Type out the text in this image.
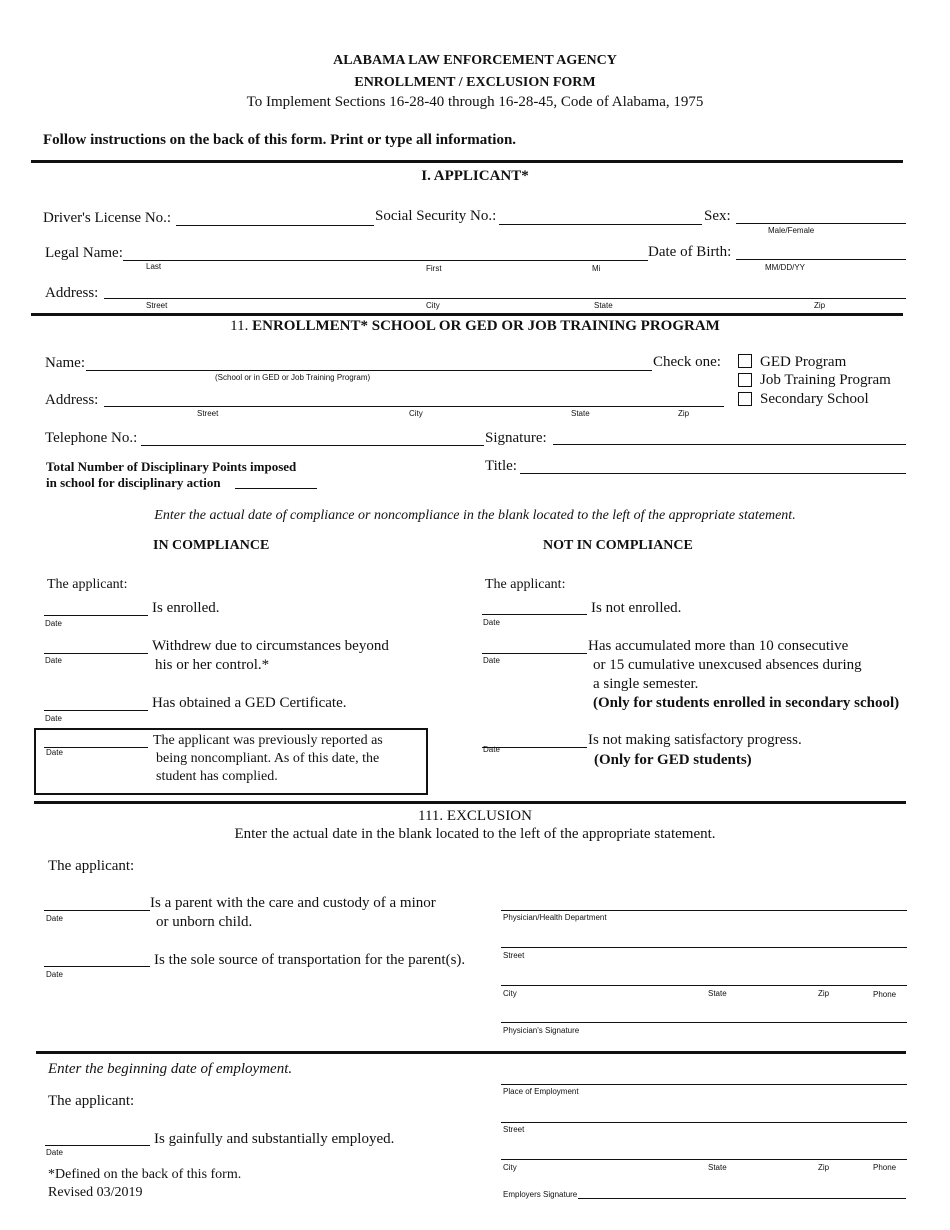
ALABAMA LAW ENFORCEMENT AGENCY
ENROLLMENT / EXCLUSION FORM
To Implement Sections 16-28-40 through 16-28-45, Code of Alabama, 1975
Follow instructions on the back of this form. Print or type all information.
I. APPLICANT*
Driver's License No.:	Social Security No.:	Sex:
Male/Female
Legal Name:
Last	First	Mi
Date of Birth:
MM/DD/YY
Address:
Street	City	State	Zip
11. ENROLLMENT* SCHOOL OR GED OR JOB TRAINING PROGRAM
Name:
(School or in GED or Job Training Program)
Check one:	GED Program
Job Training Program
Secondary School
Address:
Street	City	State	Zip
Telephone No.:	Signature:
Total Number of Disciplinary Points imposed
in school for disciplinary action
Title:
Enter the actual date of compliance or noncompliance in the blank located to the left of the appropriate statement.
IN COMPLIANCE	NOT IN COMPLIANCE
The applicant:
Date
Is enrolled.
Date
Withdrew due to circumstances beyond
his or her control.*
Date
Has obtained a GED Certificate.
Date
The applicant was previously reported as
being noncompliant. As of this date, the
student has complied.
The applicant:
Date
Is not enrolled.
Date
Has accumulated more than 10 consecutive
or 15 cumulative unexcused absences during
a single semester.
(Only for students enrolled in secondary school)
Date
Is not making satisfactory progress.
(Only for GED students)
111. EXCLUSION
Enter the actual date in the blank located to the left of the appropriate statement.
The applicant:
Date
Is a parent with the care and custody of a minor
or unborn child.
Date
Is the sole source of transportation for the parent(s).
Physician/Health Department
Street
City	State	Zip	Phone
Physician's Signature
Enter the beginning date of employment.
The applicant:
Date
Is gainfully and substantially employed.
Place of Employment
Street
City	State	Zip	Phone
Employers Signature
*Defined on the back of this form.
Revised 03/2019
